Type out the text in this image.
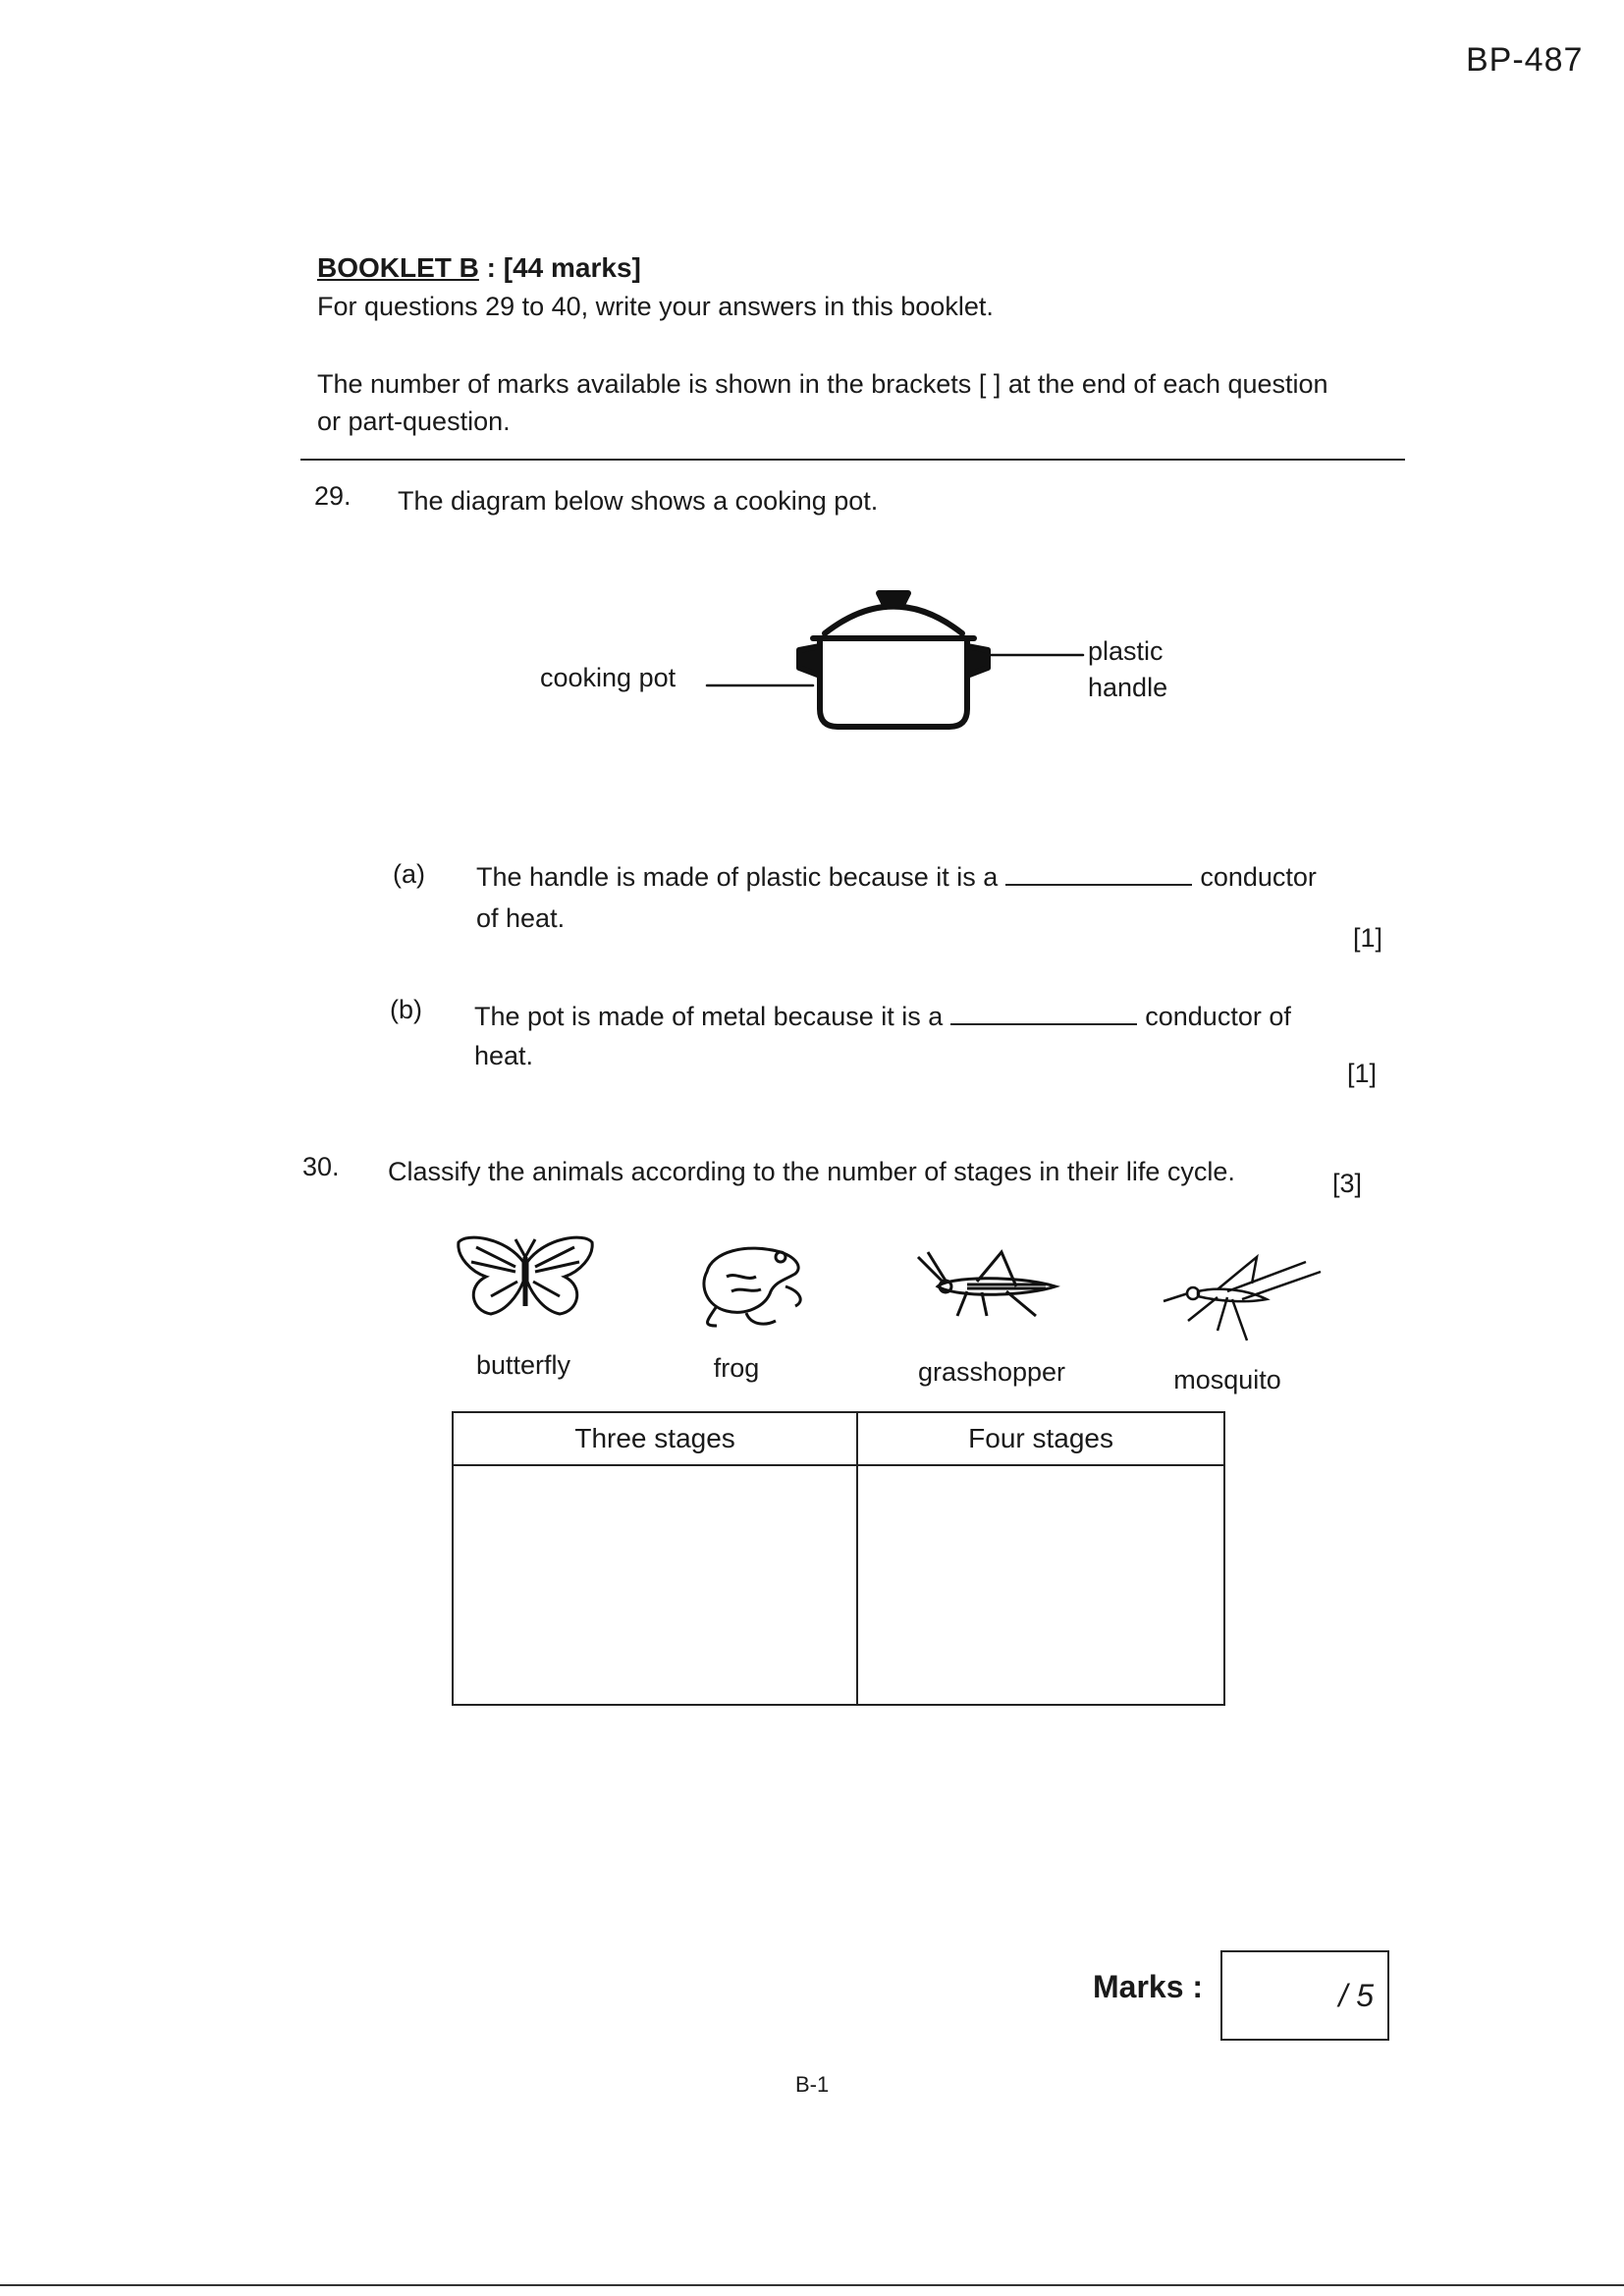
BP-487
BOOKLET B : [44 marks]
For questions 29 to 40, write your answers in this booklet.
The number of marks available is shown in the brackets [ ] at the end of each question or part-question.
29. The diagram below shows a cooking pot.
cooking pot
plastic
handle
(a) The handle is made of plastic because it is a	conductor
of heat.
[1]
(b) The pot is made of metal because it is a	conductor of
heat.
[1]
30. Classify the animals according to the number of stages in their life cycle.	[3]
butterfly	frog	grasshopper	mosquito
Three stages	Four stages

Marks :	/ 5
B-1
